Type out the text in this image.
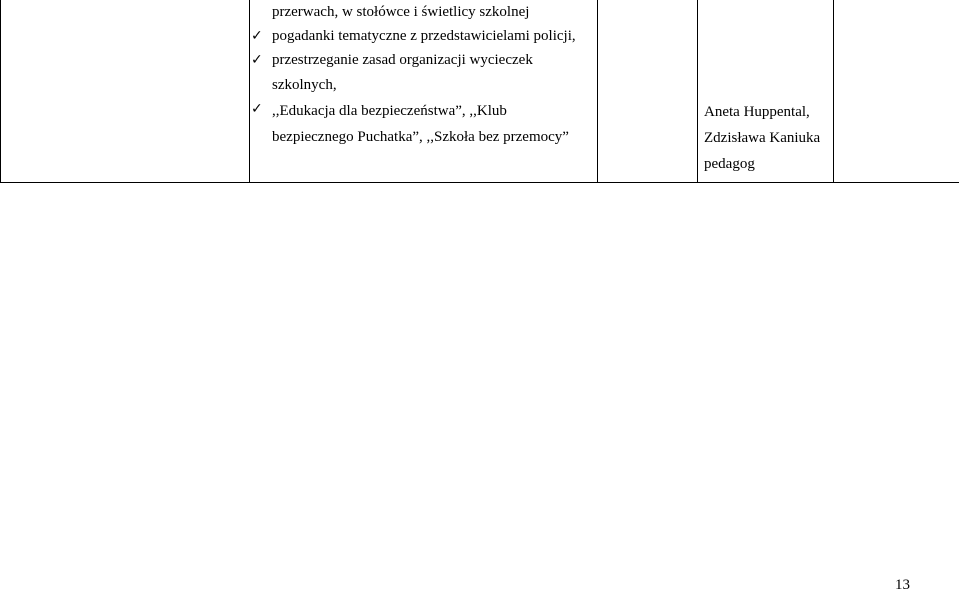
przerwach, w stołówce i świetlicy szkolnej
✓ pogadanki tematyczne z przedstawicielami policji,
✓ przestrzeganie zasad organizacji wycieczek
szkolnych,
✓ ,,Edukacja dla bezpieczeństwa”, ,,Klub
bezpiecznego Puchatka”, ,,Szkoła bez przemocy”
Aneta Huppental,
Zdzisława Kaniuka
pedagog
13
